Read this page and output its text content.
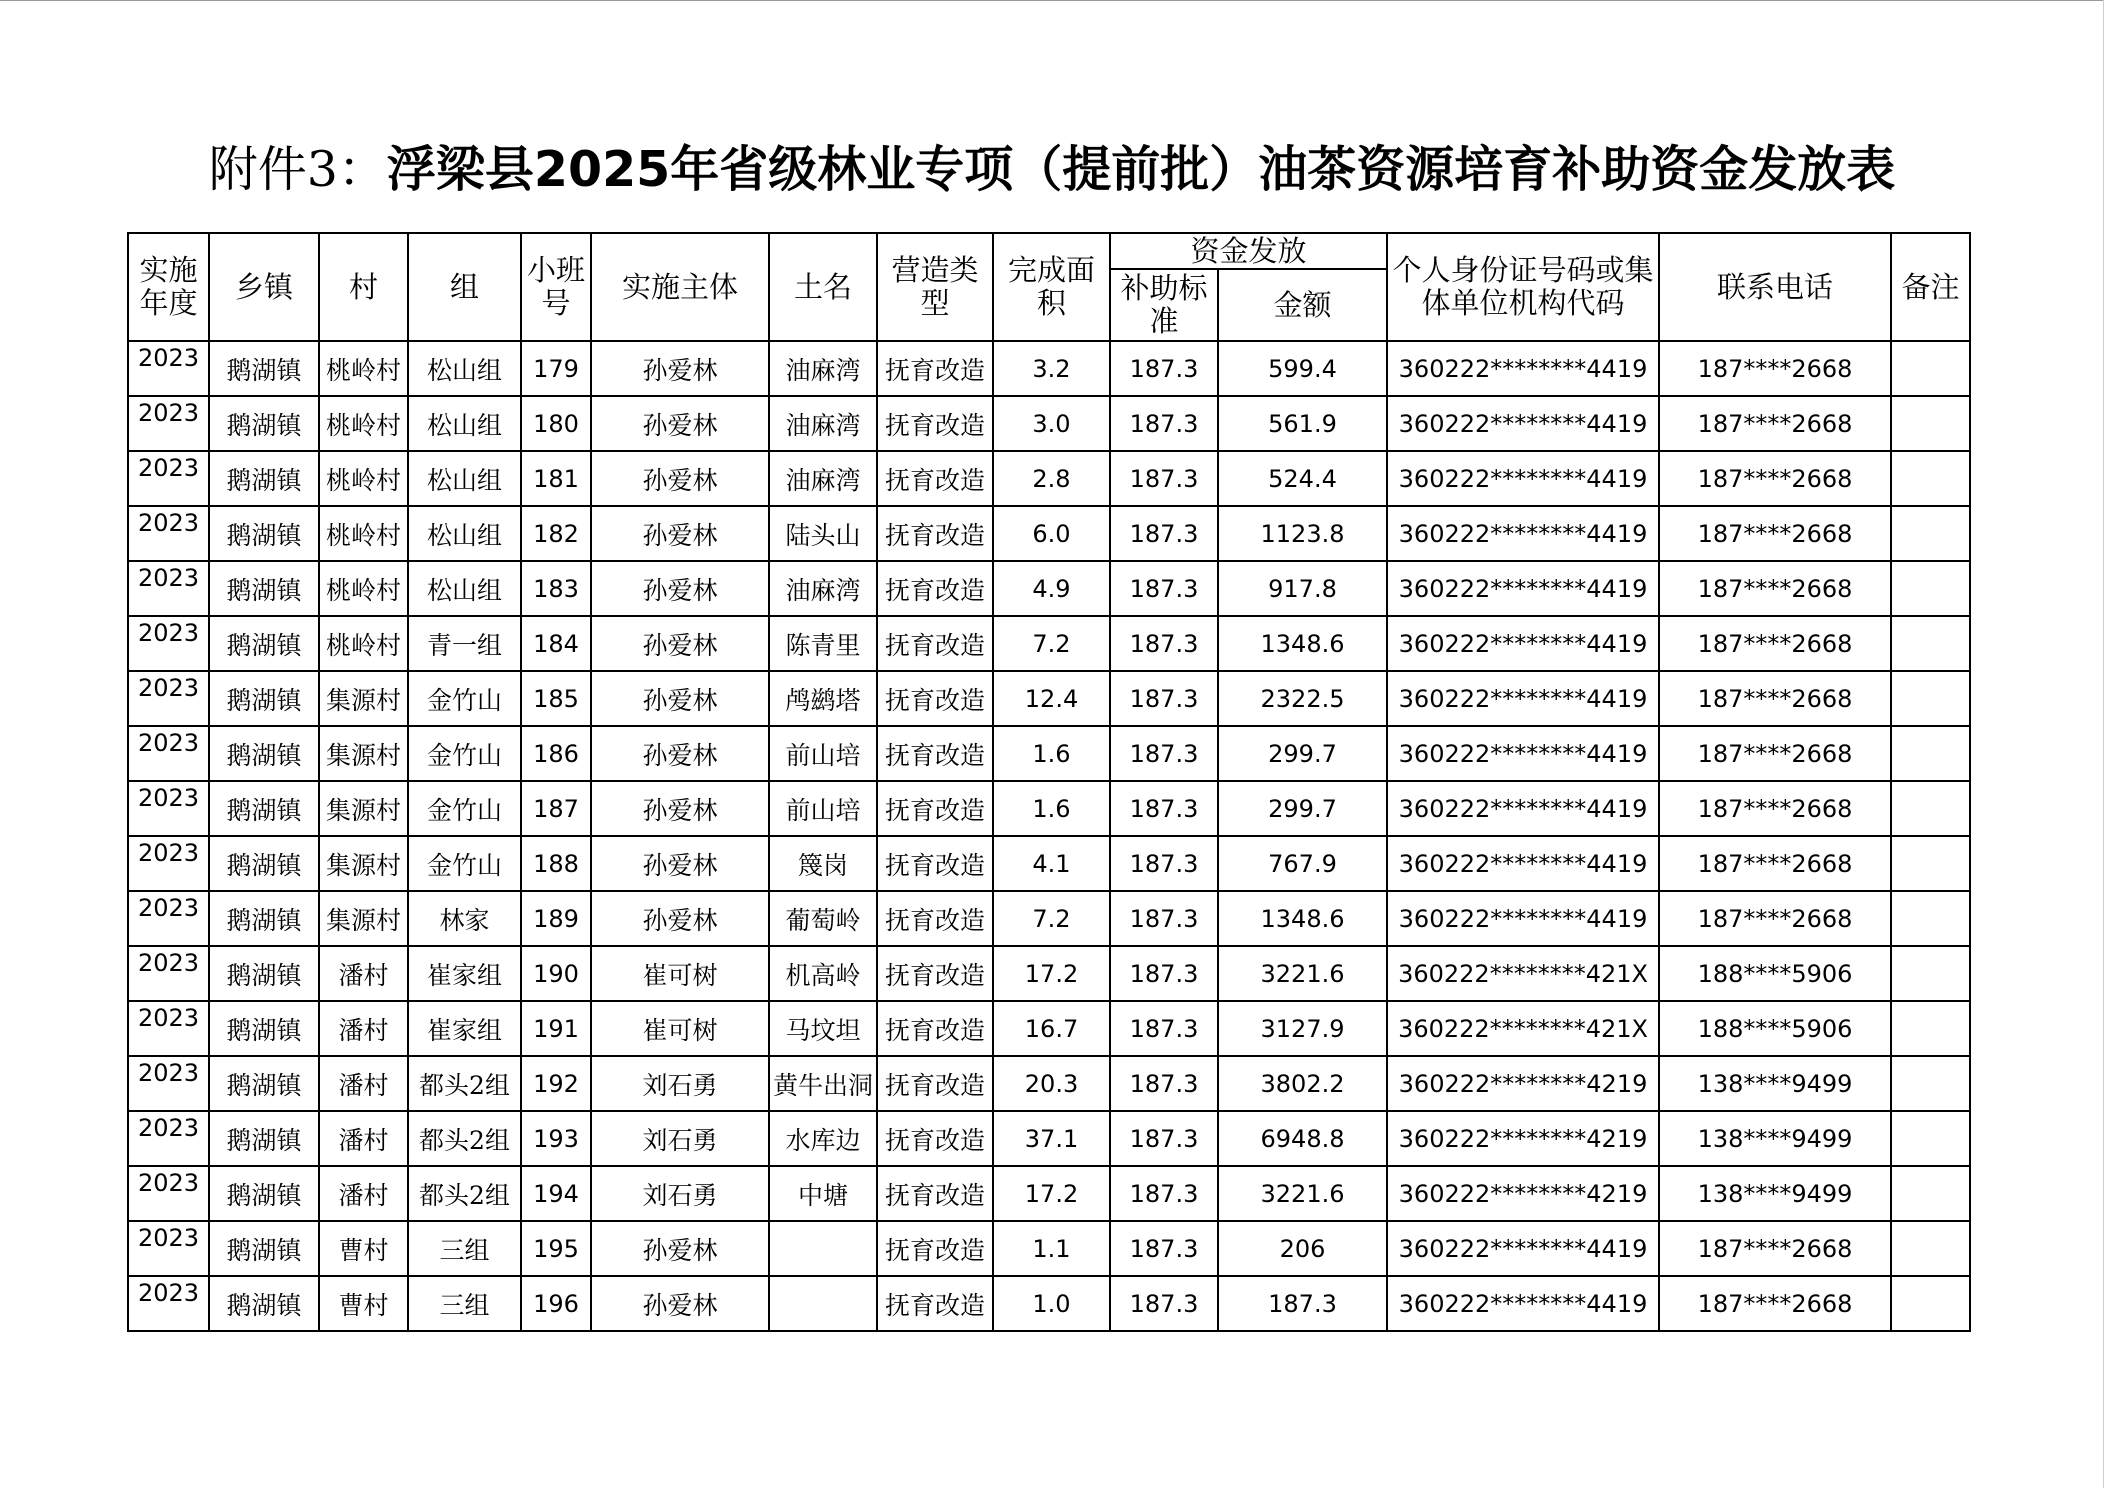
附件3：浮梁县2025年省级林业专项（提前批）油茶资源培育补助资金发放表
实施年度	乡镇	村	组	小班号	实施主体	土名	营造类型	完成面积	资金发放		个人身份证号码或集体单位机构代码	联系电话	备注
									补助标准	金额			
2023	鹅湖镇	桃岭村	松山组	179	孙爱林	油麻湾	抚育改造	3.2	187.3	599.4	360222********4419	187****2668	
2023	鹅湖镇	桃岭村	松山组	180	孙爱林	油麻湾	抚育改造	3.0	187.3	561.9	360222********4419	187****2668	
2023	鹅湖镇	桃岭村	松山组	181	孙爱林	油麻湾	抚育改造	2.8	187.3	524.4	360222********4419	187****2668	
2023	鹅湖镇	桃岭村	松山组	182	孙爱林	陆头山	抚育改造	6.0	187.3	1123.8	360222********4419	187****2668	
2023	鹅湖镇	桃岭村	松山组	183	孙爱林	油麻湾	抚育改造	4.9	187.3	917.8	360222********4419	187****2668	
2023	鹅湖镇	桃岭村	青一组	184	孙爱林	陈青里	抚育改造	7.2	187.3	1348.6	360222********4419	187****2668	
2023	鹅湖镇	集源村	金竹山	185	孙爱林	鸬鹚塔	抚育改造	12.4	187.3	2322.5	360222********4419	187****2668	
2023	鹅湖镇	集源村	金竹山	186	孙爱林	前山培	抚育改造	1.6	187.3	299.7	360222********4419	187****2668	
2023	鹅湖镇	集源村	金竹山	187	孙爱林	前山培	抚育改造	1.6	187.3	299.7	360222********4419	187****2668	
2023	鹅湖镇	集源村	金竹山	188	孙爱林	篾岗	抚育改造	4.1	187.3	767.9	360222********4419	187****2668	
2023	鹅湖镇	集源村	林家	189	孙爱林	葡萄岭	抚育改造	7.2	187.3	1348.6	360222********4419	187****2668	
2023	鹅湖镇	潘村	崔家组	190	崔可树	机高岭	抚育改造	17.2	187.3	3221.6	360222********421X	188****5906	
2023	鹅湖镇	潘村	崔家组	191	崔可树	马坟坦	抚育改造	16.7	187.3	3127.9	360222********421X	188****5906	
2023	鹅湖镇	潘村	都头2组	192	刘石勇	黄牛出洞	抚育改造	20.3	187.3	3802.2	360222********4219	138****9499	
2023	鹅湖镇	潘村	都头2组	193	刘石勇	水库边	抚育改造	37.1	187.3	6948.8	360222********4219	138****9499	
2023	鹅湖镇	潘村	都头2组	194	刘石勇	中塘	抚育改造	17.2	187.3	3221.6	360222********4219	138****9499	
2023	鹅湖镇	曹村	三组	195	孙爱林		抚育改造	1.1	187.3	206	360222********4419	187****2668	
2023	鹅湖镇	曹村	三组	196	孙爱林		抚育改造	1.0	187.3	187.3	360222********4419	187****2668	
